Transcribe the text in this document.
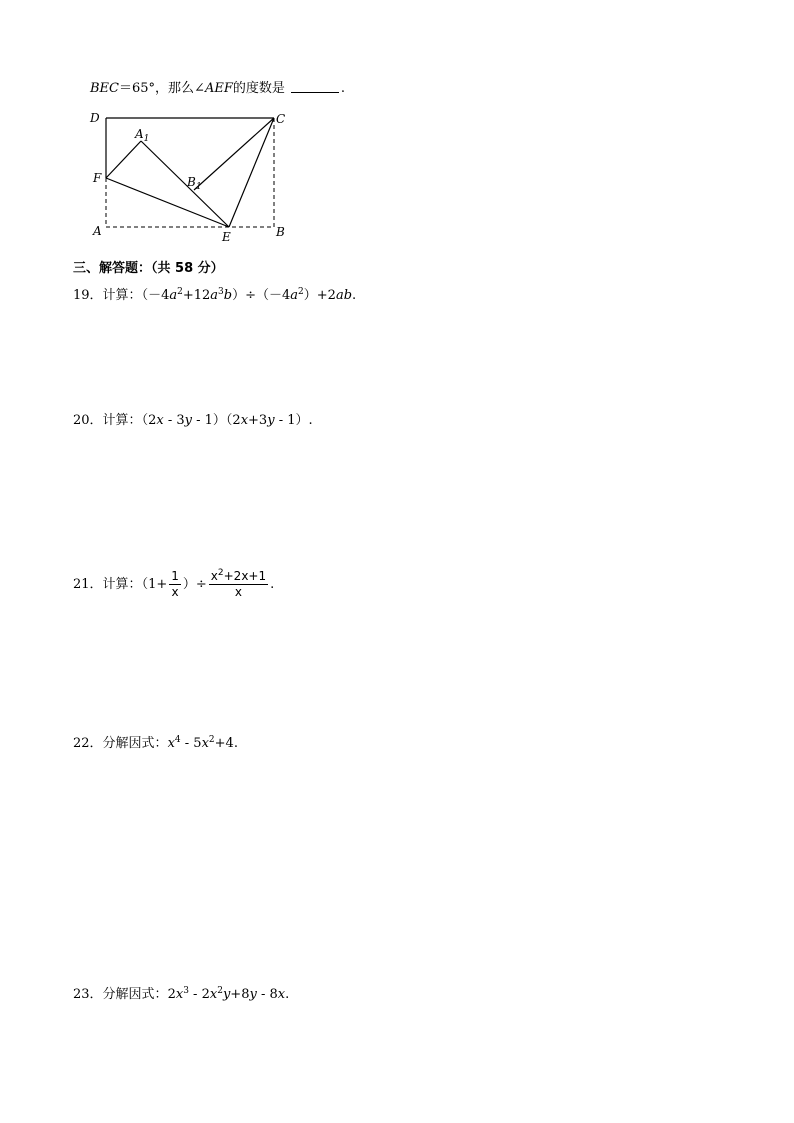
BEC＝65°，那么∠AEF的度数是	.
D	C
$A_1$
F	$B_1$
A	E	B
三、解答题：（共 58 分）
19．计算：$(-4a^2+12a^3b)\div(-4a^2)+2ab$.
20．计算：（2x - 3y - 1）（2x+3y - 1）.
21．计算：（$1+ \frac{1}{x}$ ）÷ $\frac{x^2+2x+1}{x}$ .
22．分解因式：$x^4 - 5x^2+4$.
23．分解因式：$2x^3 - 2x^2y+8y - 8x$.
